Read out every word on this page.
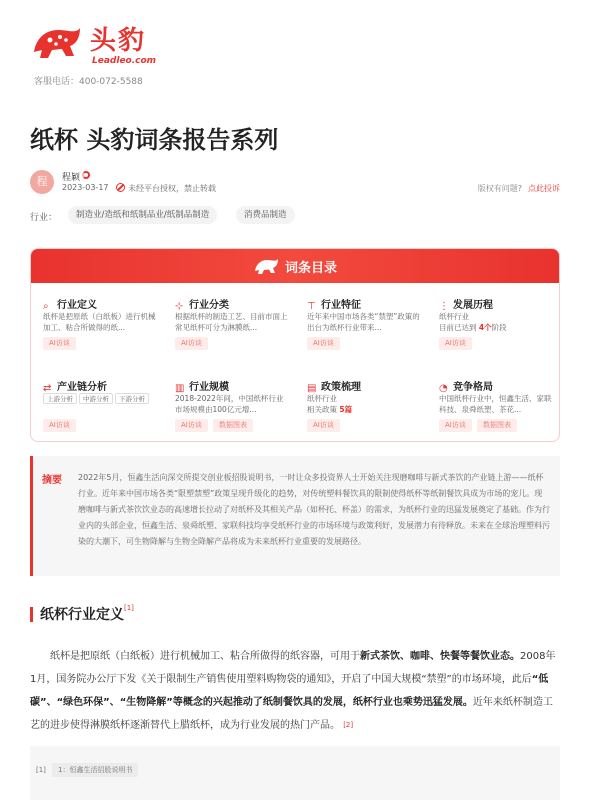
头豹
Leadleo.com
客服电话：400-072-5588
纸杯 头豹词条报告系列
程	程颖
2023-03-17 未经平台授权，禁止转载	版权有问题? 点此投诉
行业：	制造业/造纸和纸制品业/纸制品制造	消费品制造
词条目录
⌕ 行业定义
纸杯是把原纸（白纸板）进行机械加工、粘合所做得的纸...
AI访谈
⊹ 行业分类
根据纸杯的制造工艺、目前市面上常见纸杯可分为淋膜纸...
AI访谈
⊤ 行业特征
近年来中国市场各类“禁塑”政策的出台为纸杯行业带来...
AI访谈
⋮ 发展历程
纸杯行业
目前已达到 4个阶段
AI访谈
⇄ 产业链分析
上游分析	中游分析	下游分析
AI访谈
▥ 行业规模
2018-2022年间，中国纸杯行业市场规模由100亿元增...
AI访谈	数据图表
▤ 政策梳理
纸杯行业
相关政策 5篇
AI访谈
◔ 竞争格局
中国纸杯行业中，恒鑫生活、家联科技、泉舜纸塑、茶花...
AI访谈	数据图表
摘要 2022年5月，恒鑫生活向深交所提交创业板招股说明书，一时让众多投资界人士开始关注现磨咖啡与新式茶饮的产业链上游——纸杯行业。近年来中国市场各类“限塑禁塑”政策呈现升级化的趋势，对传统塑料餐饮具的限制使得纸杯等纸制餐饮具成为市场的宠儿。现磨咖啡与新式茶饮饮业态的高速增长拉动了对纸杯及其相关产品（如杯托、杯盖）的需求，为纸杯行业的迅猛发展奠定了基础。作为行业内的头部企业，恒鑫生活、泉舜纸塑、家联科技均享受纸杯行业的市场环境与政策利好，发展潜力有待释放。未来在全球治理塑料污染的大潮下，可生物降解与生物全降解产品将成为未来纸杯行业重要的发展路径。

纸杯行业定义[1]

纸杯是把原纸（白纸板）进行机械加工、粘合所做得的纸容器，可用于新式茶饮、咖啡、快餐等餐饮业态。2008年1月，国务院办公厅下发《关于限制生产销售使用塑料购物袋的通知》，开启了中国大规模“禁塑”的市场环境，此后“低碳”、“绿色环保”、“生物降解”等概念的兴起推动了纸制餐饮具的发展，纸杯行业也乘势迅猛发展。近年来纸杯制造工艺的进步使得淋膜纸杯逐渐替代上腊纸杯，成为行业发展的热门产品。 [2]

[1]	1：恒鑫生活招股说明书
